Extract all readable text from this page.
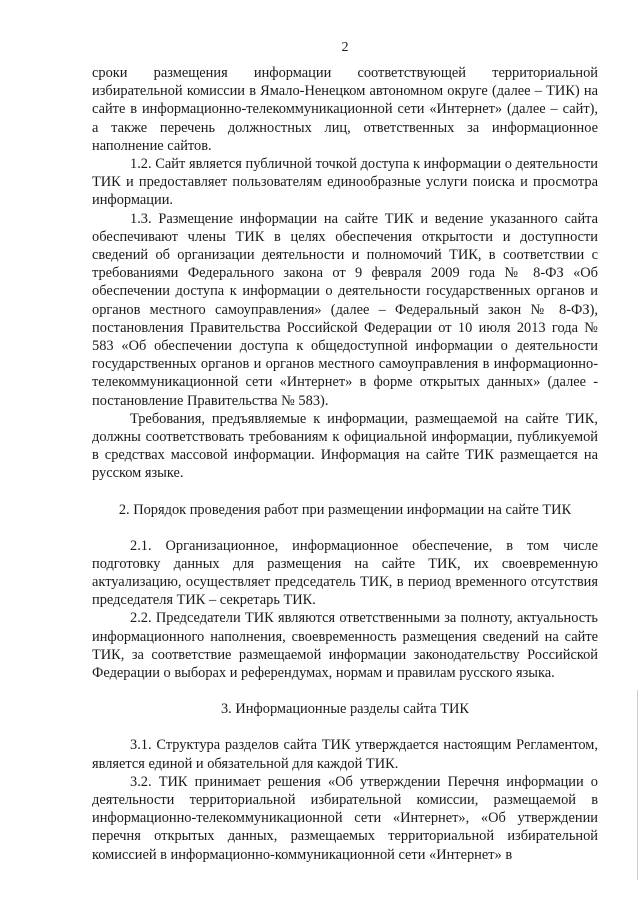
2

сроки размещения информации соответствующей территориальной избирательной комиссии в Ямало-Ненецком автономном округе (далее – ТИК) на сайте в информационно-телекоммуникационной сети «Интернет» (далее – сайт), а также перечень должностных лиц, ответственных за информационное наполнение сайтов.

1.2. Сайт является публичной точкой доступа к информации о деятельности ТИК и предоставляет пользователям единообразные услуги поиска и просмотра информации.

1.3. Размещение информации на сайте ТИК и ведение указанного сайта обеспечивают члены ТИК в целях обеспечения открытости и доступности сведений об организации деятельности и полномочий ТИК, в соответствии с требованиями Федерального закона от 9 февраля 2009 года № 8-ФЗ «Об обеспечении доступа к информации о деятельности государственных органов и органов местного самоуправления» (далее – Федеральный закон № 8-ФЗ), постановления Правительства Российской Федерации от 10 июля 2013 года № 583 «Об обеспечении доступа к общедоступной информации о деятельности государственных органов и органов местного самоуправления в информационно-телекоммуникационной сети «Интернет» в форме открытых данных» (далее - постановление Правительства № 583).

Требования, предъявляемые к информации, размещаемой на сайте ТИК, должны соответствовать требованиям к официальной информации, публикуемой в средствах массовой информации. Информация на сайте ТИК размещается на русском языке.

2. Порядок проведения работ при размещении информации на сайте ТИК

2.1. Организационное, информационное обеспечение, в том числе подготовку данных для размещения на сайте ТИК, их своевременную актуализацию, осуществляет председатель ТИК, в период временного отсутствия председателя ТИК – секретарь ТИК.

2.2. Председатели ТИК являются ответственными за полноту, актуальность информационного наполнения, своевременность размещения сведений на сайте ТИК, за соответствие размещаемой информации законодательству Российской Федерации о выборах и референдумах, нормам и правилам русского языка.

3. Информационные разделы сайта ТИК

3.1. Структура разделов сайта ТИК утверждается настоящим Регламентом, является единой и обязательной для каждой ТИК.

3.2. ТИК принимает решения «Об утверждении Перечня информации о деятельности территориальной избирательной комиссии, размещаемой в информационно-телекоммуникационной сети «Интернет», «Об утверждении перечня открытых данных, размещаемых территориальной избирательной комиссией в информационно-коммуникационной сети «Интернет» в
